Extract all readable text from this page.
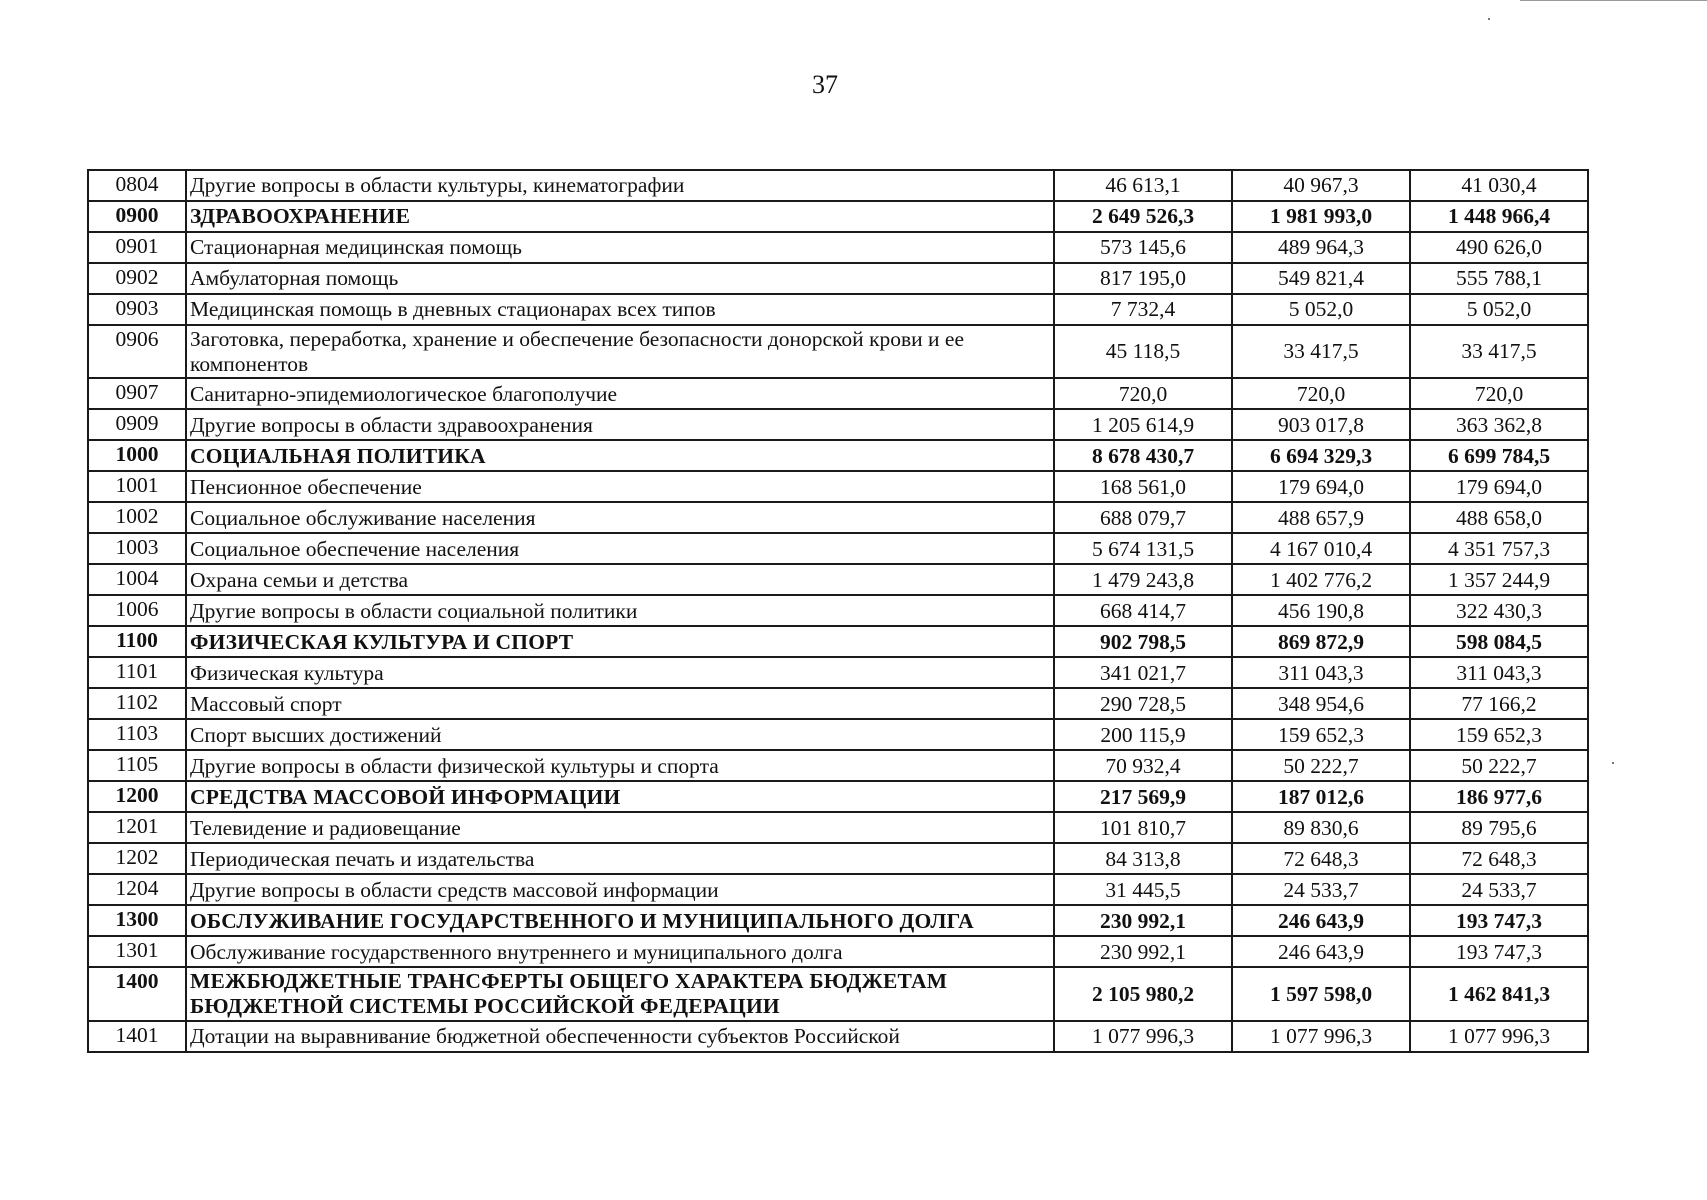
37
0804	Другие вопросы в области культуры, кинематографии	46 613,1	40 967,3	41 030,4
0900	ЗДРАВООХРАНЕНИЕ	2 649 526,3	1 981 993,0	1 448 966,4
0901	Стационарная медицинская помощь	573 145,6	489 964,3	490 626,0
0902	Амбулаторная помощь	817 195,0	549 821,4	555 788,1
0903	Медицинская помощь в дневных стационарах всех типов	7 732,4	5 052,0	5 052,0
0906	Заготовка, переработка, хранение и обеспечение безопасности донорской крови и ее компонентов	45 118,5	33 417,5	33 417,5
0907	Санитарно-эпидемиологическое благополучие	720,0	720,0	720,0
0909	Другие вопросы в области здравоохранения	1 205 614,9	903 017,8	363 362,8
1000	СОЦИАЛЬНАЯ ПОЛИТИКА	8 678 430,7	6 694 329,3	6 699 784,5
1001	Пенсионное обеспечение	168 561,0	179 694,0	179 694,0
1002	Социальное обслуживание населения	688 079,7	488 657,9	488 658,0
1003	Социальное обеспечение населения	5 674 131,5	4 167 010,4	4 351 757,3
1004	Охрана семьи и детства	1 479 243,8	1 402 776,2	1 357 244,9
1006	Другие вопросы в области социальной политики	668 414,7	456 190,8	322 430,3
1100	ФИЗИЧЕСКАЯ КУЛЬТУРА И СПОРТ	902 798,5	869 872,9	598 084,5
1101	Физическая культура	341 021,7	311 043,3	311 043,3
1102	Массовый спорт	290 728,5	348 954,6	77 166,2
1103	Спорт высших достижений	200 115,9	159 652,3	159 652,3
1105	Другие вопросы в области физической культуры и спорта	70 932,4	50 222,7	50 222,7
1200	СРЕДСТВА МАССОВОЙ ИНФОРМАЦИИ	217 569,9	187 012,6	186 977,6
1201	Телевидение и радиовещание	101 810,7	89 830,6	89 795,6
1202	Периодическая печать и издательства	84 313,8	72 648,3	72 648,3
1204	Другие вопросы в области средств массовой информации	31 445,5	24 533,7	24 533,7
1300	ОБСЛУЖИВАНИЕ ГОСУДАРСТВЕННОГО И МУНИЦИПАЛЬНОГО ДОЛГА	230 992,1	246 643,9	193 747,3
1301	Обслуживание государственного внутреннего и муниципального долга	230 992,1	246 643,9	193 747,3
1400	МЕЖБЮДЖЕТНЫЕ ТРАНСФЕРТЫ ОБЩЕГО ХАРАКТЕРА БЮДЖЕТАМ БЮДЖЕТНОЙ СИСТЕМЫ РОССИЙСКОЙ ФЕДЕРАЦИИ	2 105 980,2	1 597 598,0	1 462 841,3
1401	Дотации на выравнивание бюджетной обеспеченности субъектов Российской	1 077 996,3	1 077 996,3	1 077 996,3
